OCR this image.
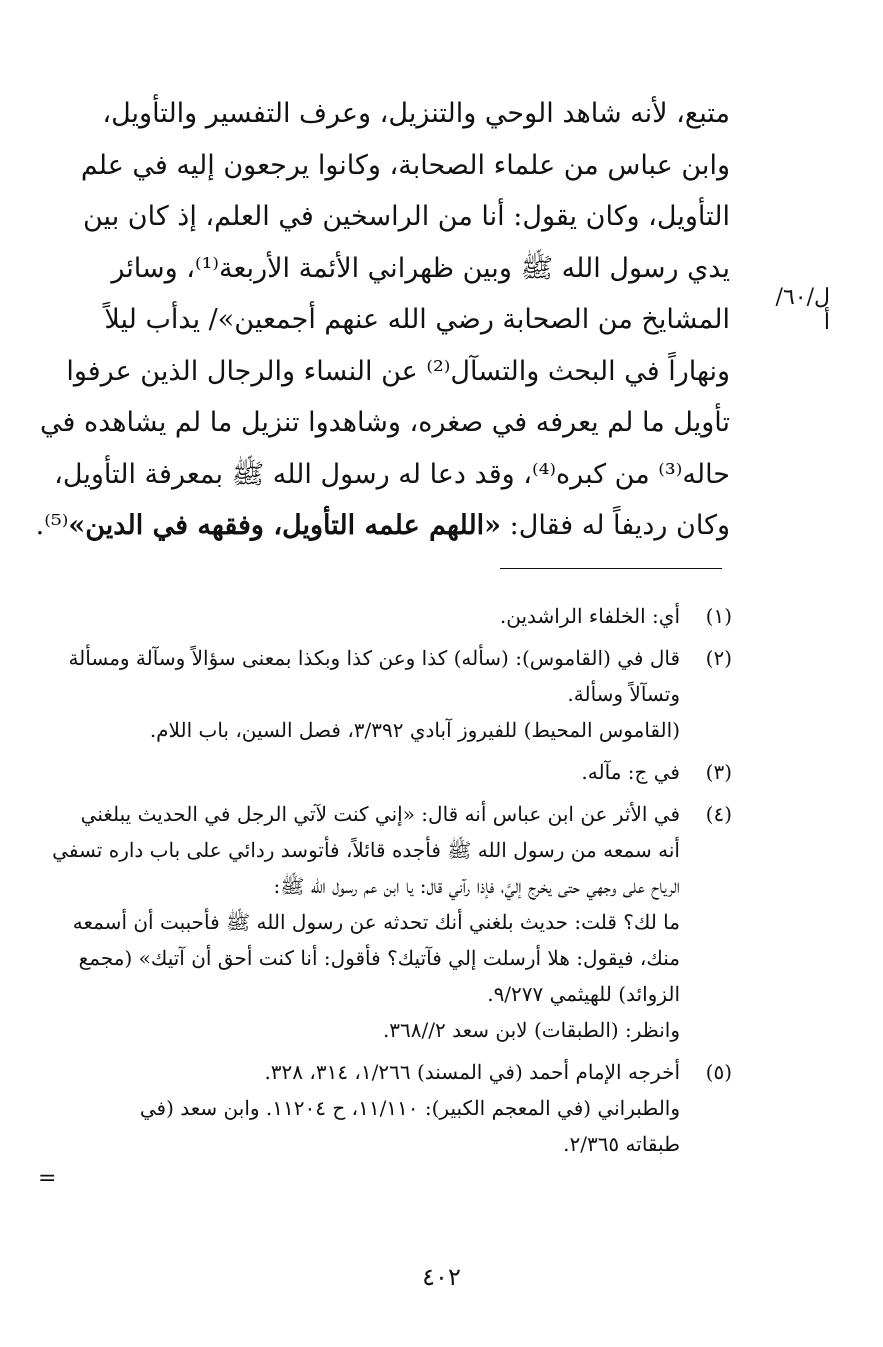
متبع، لأنه شاهد الوحي والتنزيل، وعرف التفسير والتأويل،
وابن عباس من علماء الصحابة، وكانوا يرجعون إليه في علم
التأويل، وكان يقول: أنا من الراسخين في العلم، إذ كان بين
يدي رسول الله ﷺ وبين ظهراني الأئمة الأربعة⁽¹⁾، وسائر
المشايخ من الصحابة رضي الله عنهم أجمعين»/ يدأب ليلاً
ونهاراً في البحث والتسآل⁽²⁾ عن النساء والرجال الذين عرفوا
تأويل ما لم يعرفه في صغره، وشاهدوا تنزيل ما لم يشاهده في
حاله⁽³⁾ من كبره⁽⁴⁾، وقد دعا له رسول الله ﷺ بمعرفة التأويل،
وكان رديفاً له فقال: «اللهم علمه التأويل، وفقهه في الدين»⁽⁵⁾.
ل/٦٠/أ
(١)
أي: الخلفاء الراشدين.
(٢)
قال في (القاموس): (سأله) كذا وعن كذا وبكذا بمعنى سؤالاً وسآلة ومسألة
وتسآلاً وسألة.
(القاموس المحيط) للفيروز آبادي ٣/٣٩٢، فصل السين، باب اللام.
(٣)
في ج: مآله.
(٤)
في الأثر عن ابن عباس أنه قال: «إني كنت لآتي الرجل في الحديث يبلغني
أنه سمعه من رسول الله ﷺ فأجده قائلاً، فأتوسد ردائي على باب داره تسفي
الرياح على وجهي حتى يخرج إليَّ، فإذا رآني قال: يا ابن عم رسول الله ﷺ:
ما لك؟ قلت: حديث بلغني أنك تحدثه عن رسول الله ﷺ فأحببت أن أسمعه
منك، فيقول: هلا أرسلت إلي فآتيك؟ فأقول: أنا كنت أحق أن آتيك» (مجمع
الزوائد) للهيثمي ٩/٢٧٧.
وانظر: (الطبقات) لابن سعد ٢//٣٦٨.
(٥)
أخرجه الإمام أحمد (في المسند) ١/٢٦٦، ٣١٤، ٣٢٨.
والطبراني (في المعجم الكبير): ١١/١١٠، ح ١١٢٠٤. وابن سعد (في
طبقاته ٢/٣٦٥.
=
٤٠٢
